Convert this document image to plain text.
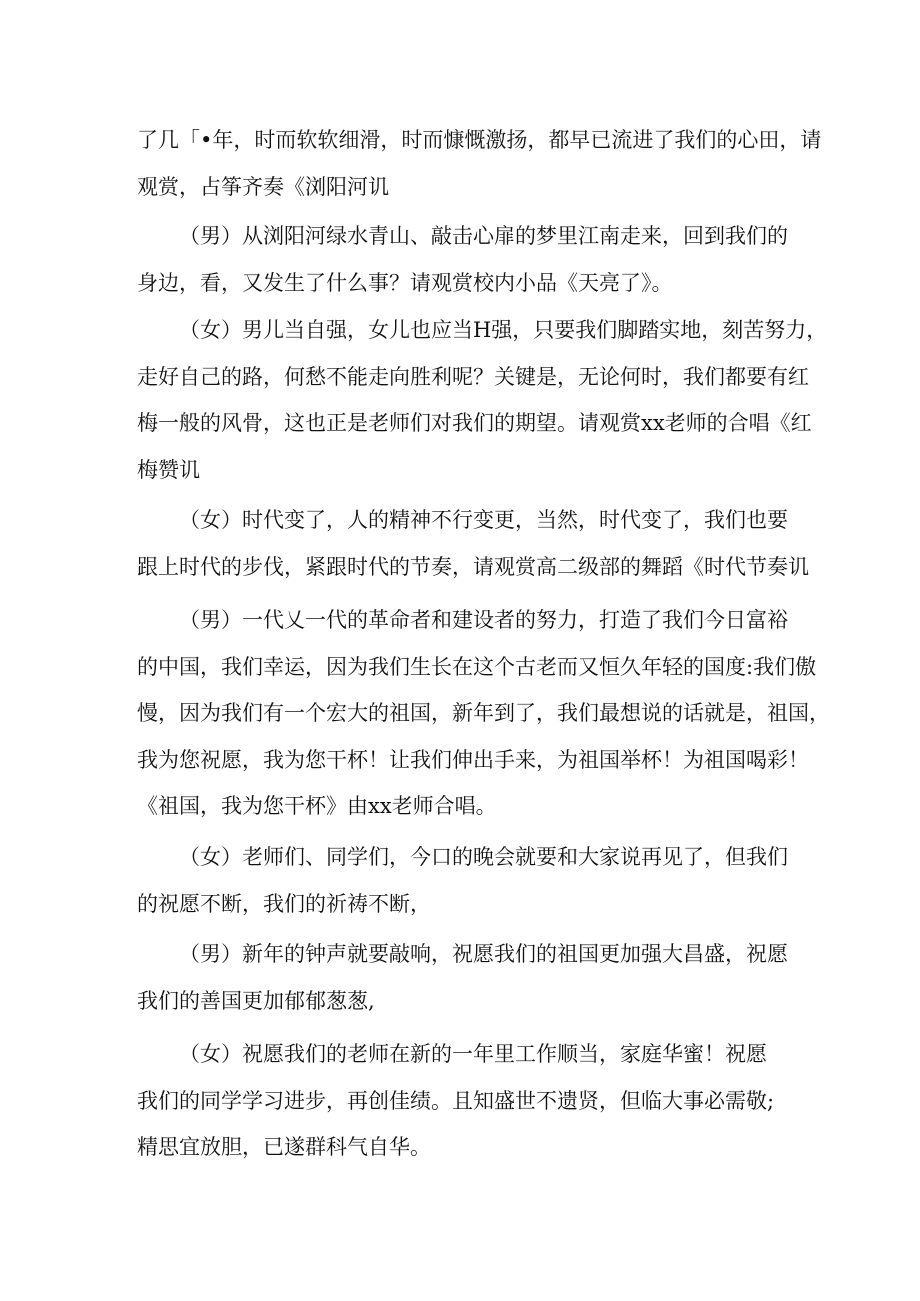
了几「•年，时而软软细滑，时而慷慨激扬，都早已流进了我们的心田，请
观赏，占筝齐奏《浏阳河讥
（男）从浏阳河绿水青山、敲击心扉的梦里江南走来，回到我们的
身边，看，又发生了什么事？请观赏校内小品《天亮了》。
（女）男儿当自强，女儿也应当H强，只要我们脚踏实地，刻苦努力，
走好自己的路，何愁不能走向胜利呢？关键是，无论何时，我们都要有红
梅一般的风骨，这也正是老师们对我们的期望。请观赏xx老师的合唱《红
梅赞讥
（女）时代变了，人的精神不行变更，当然，时代变了，我们也要
跟上时代的步伐，紧跟时代的节奏，请观赏高二级部的舞蹈《时代节奏讥
（男）一代乂一代的革命者和建设者的努力，打造了我们今日富裕
的中国，我们幸运，因为我们生长在这个古老而又恒久年轻的国度:我们傲
慢，因为我们有一个宏大的祖国，新年到了，我们最想说的话就是，祖国，
我为您祝愿，我为您干杯！让我们伸出手来，为祖国举杯！为祖国喝彩！
《祖国，我为您干杯》由xx老师合唱。
（女）老师们、同学们，今口的晚会就要和大家说再见了，但我们
的祝愿不断，我们的祈祷不断，
（男）新年的钟声就要敲响，祝愿我们的祖国更加强大昌盛，祝愿
我们的善国更加郁郁葱葱,
（女）祝愿我们的老师在新的一年里工作顺当，家庭华蜜！祝愿
我们的同学学习进步，再创佳绩。且知盛世不遗贤，但临大事必需敬;
精思宜放胆，已遂群科气自华。
